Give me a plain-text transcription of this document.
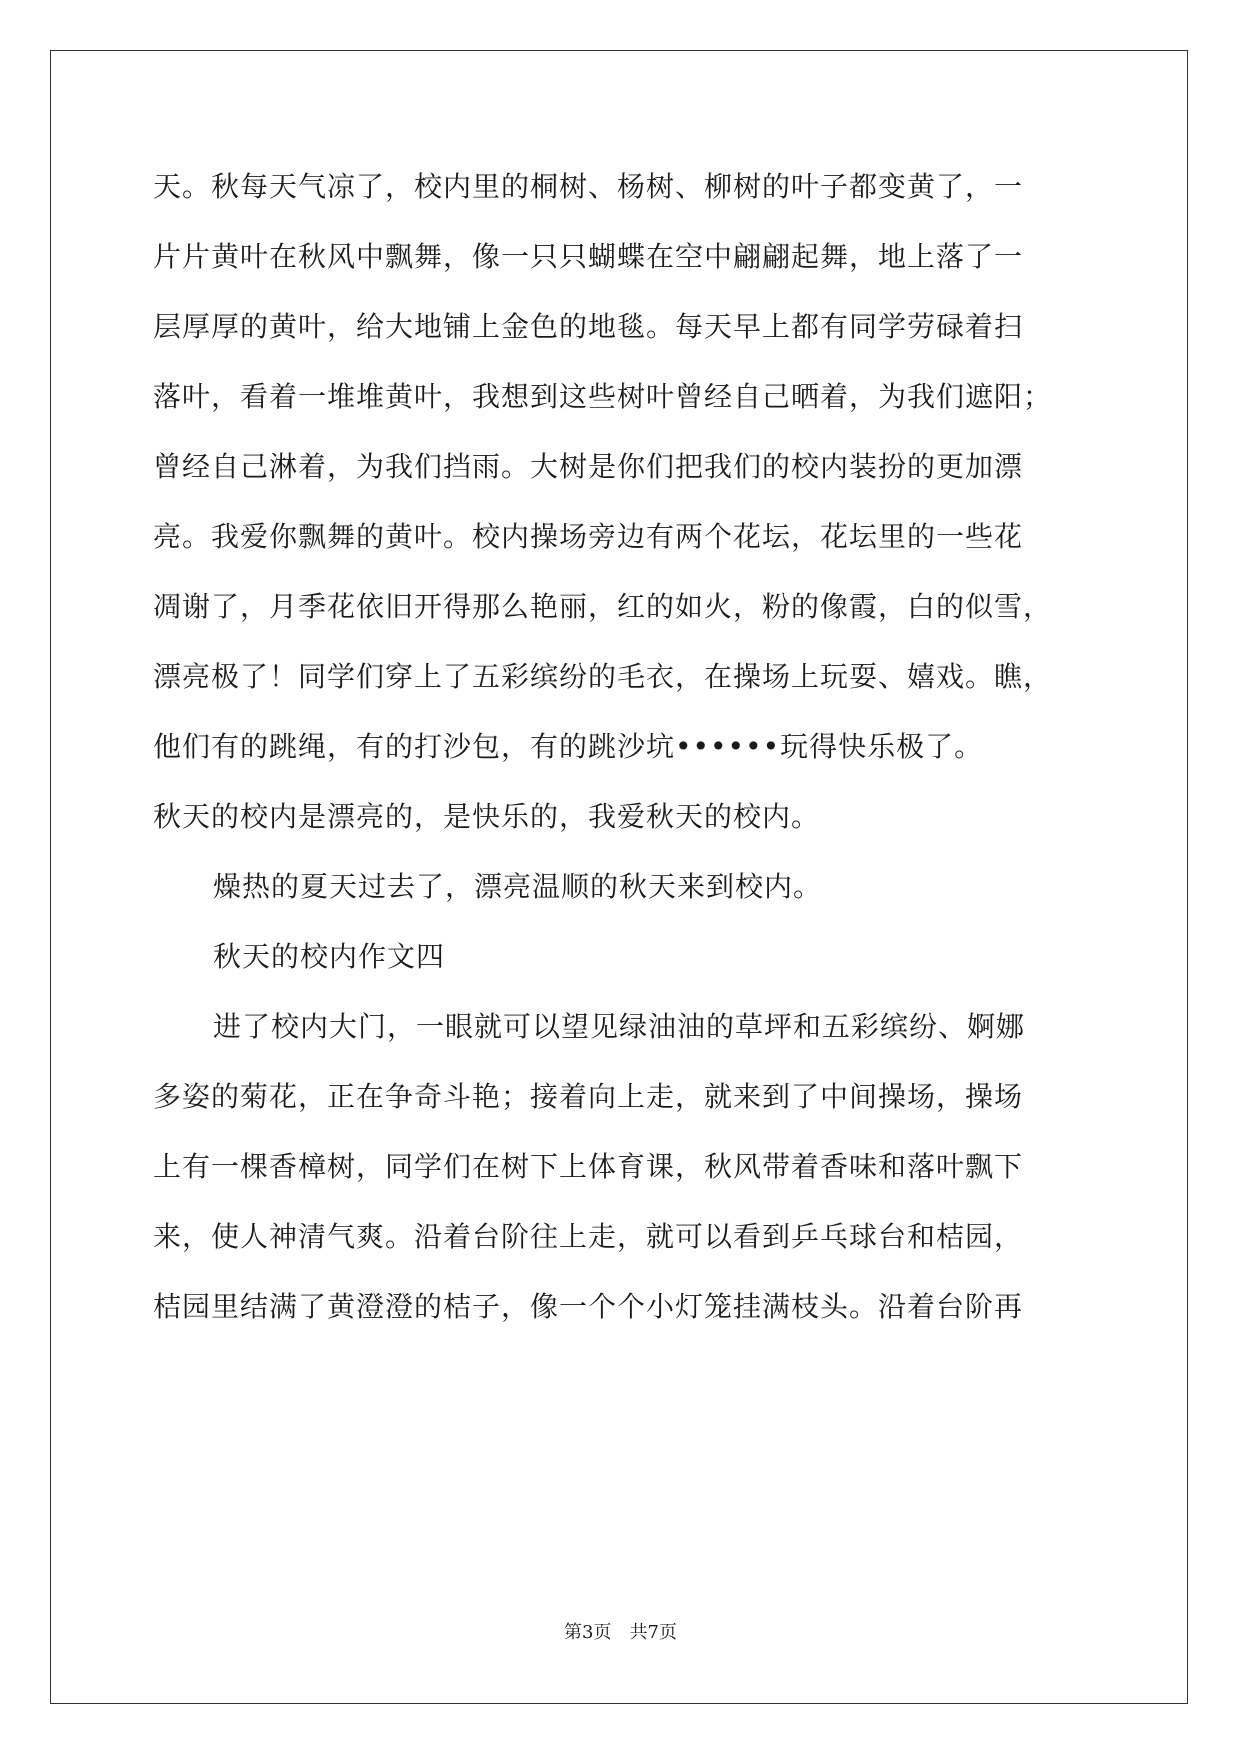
天。秋每天气凉了，校内里的桐树、杨树、柳树的叶子都变黄了，一
片片黄叶在秋风中飘舞，像一只只蝴蝶在空中翩翩起舞，地上落了一
层厚厚的黄叶，给大地铺上金色的地毯。每天早上都有同学劳碌着扫
落叶，看着一堆堆黄叶，我想到这些树叶曾经自己晒着，为我们遮阳；
曾经自己淋着，为我们挡雨。大树是你们把我们的校内装扮的更加漂
亮。我爱你飘舞的黄叶。校内操场旁边有两个花坛，花坛里的一些花
凋谢了，月季花依旧开得那么艳丽，红的如火，粉的像霞，白的似雪，
漂亮极了！同学们穿上了五彩缤纷的毛衣，在操场上玩耍、嬉戏。瞧，
他们有的跳绳，有的打沙包，有的跳沙坑••••••玩得快乐极了。
秋天的校内是漂亮的，是快乐的，我爱秋天的校内。
燥热的夏天过去了，漂亮温顺的秋天来到校内。
秋天的校内作文四
进了校内大门，一眼就可以望见绿油油的草坪和五彩缤纷、婀娜
多姿的菊花，正在争奇斗艳；接着向上走，就来到了中间操场，操场
上有一棵香樟树，同学们在树下上体育课，秋风带着香味和落叶飘下
来，使人神清气爽。沿着台阶往上走，就可以看到乒乓球台和桔园，
桔园里结满了黄澄澄的桔子，像一个个小灯笼挂满枝头。沿着台阶再
第3页 共7页
